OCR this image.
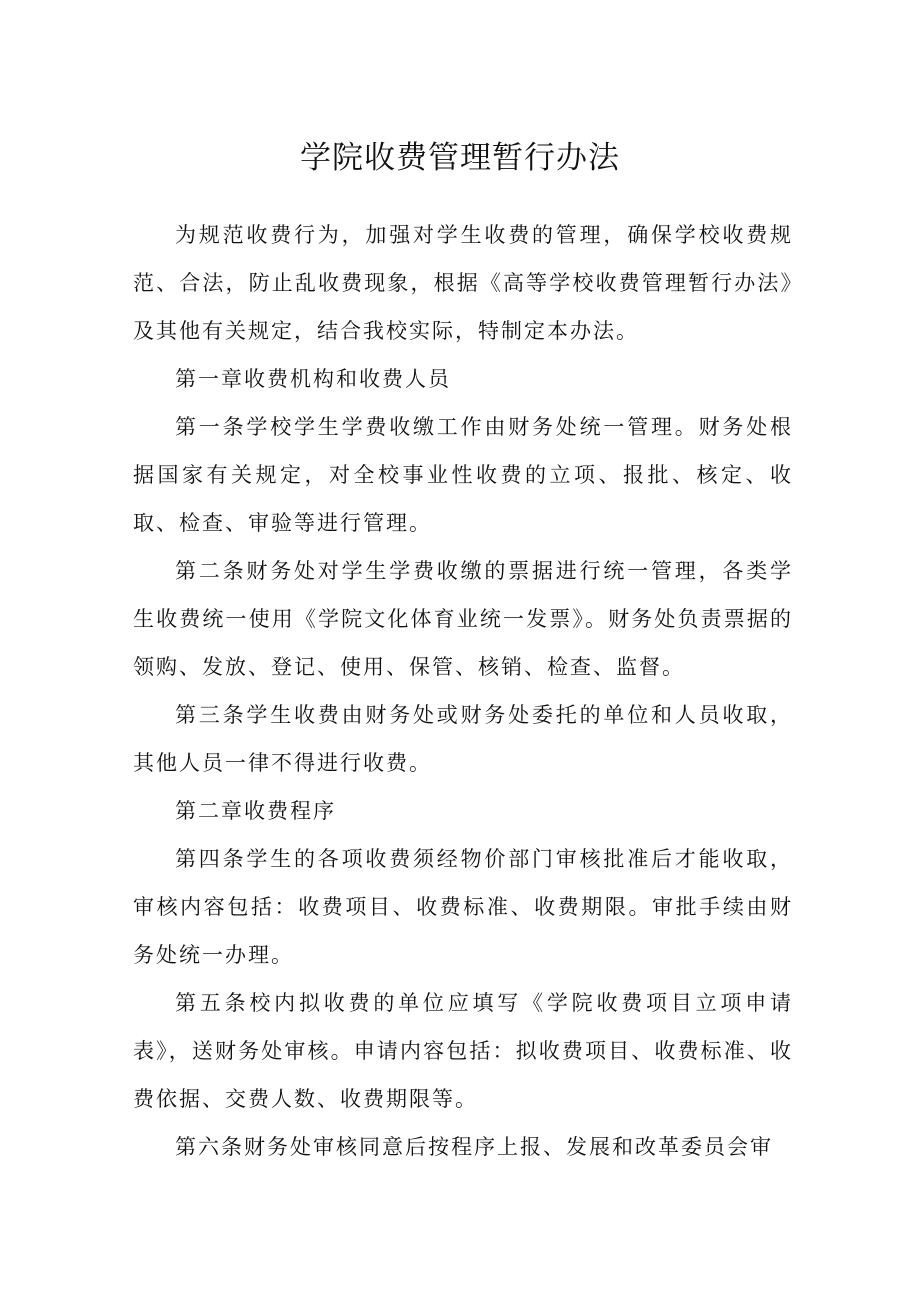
学院收费管理暂行办法

为规范收费行为，加强对学生收费的管理，确保学校收费规范、合法，防止乱收费现象，根据《高等学校收费管理暂行办法》及其他有关规定，结合我校实际，特制定本办法。

第一章收费机构和收费人员

第一条学校学生学费收缴工作由财务处统一管理。财务处根据国家有关规定，对全校事业性收费的立项、报批、核定、收取、检查、审验等进行管理。

第二条财务处对学生学费收缴的票据进行统一管理，各类学生收费统一使用《学院文化体育业统一发票》。财务处负责票据的领购、发放、登记、使用、保管、核销、检查、监督。

第三条学生收费由财务处或财务处委托的单位和人员收取，其他人员一律不得进行收费。

第二章收费程序

第四条学生的各项收费须经物价部门审核批准后才能收取，审核内容包括：收费项目、收费标准、收费期限。审批手续由财务处统一办理。

第五条校内拟收费的单位应填写《学院收费项目立项申请表》，送财务处审核。申请内容包括：拟收费项目、收费标准、收费依据、交费人数、收费期限等。

第六条财务处审核同意后按程序上报、发展和改革委员会审
